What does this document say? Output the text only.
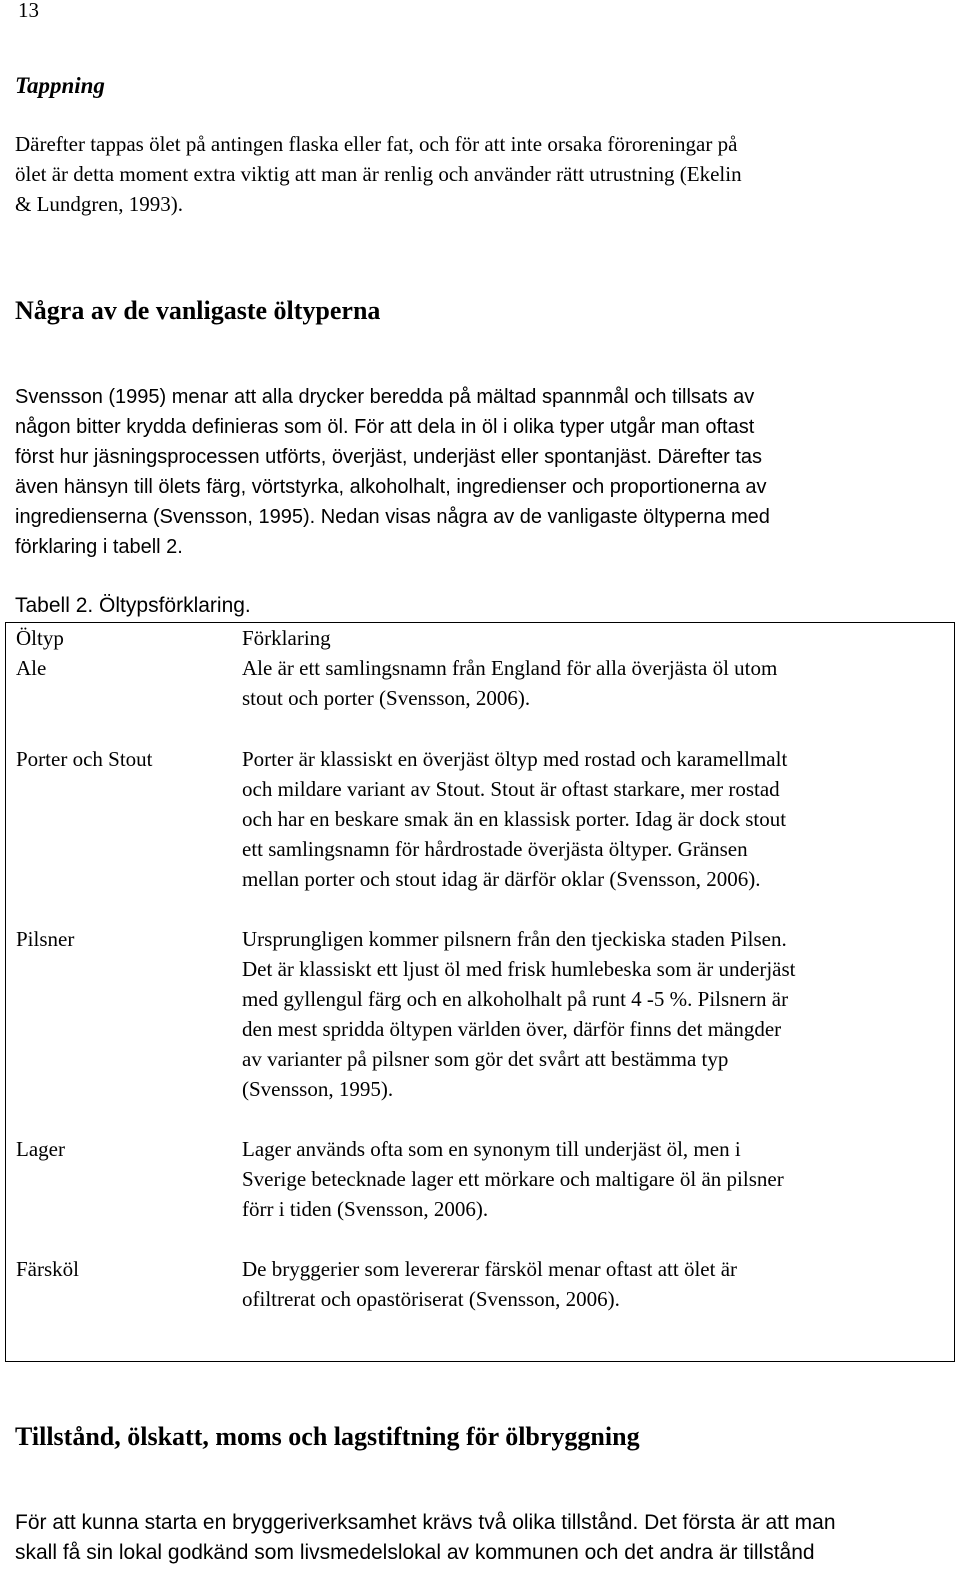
13
Tappning
Därefter tappas ölet på antingen flaska eller fat, och för att inte orsaka föroreningar på
ölet är detta moment extra viktig att man är renlig och använder rätt utrustning (Ekelin
& Lundgren, 1993).
Några av de vanligaste öltyperna
Svensson (1995) menar att alla drycker beredda på mältad spannmål och tillsats av
någon bitter krydda definieras som öl. För att dela in öl i olika typer utgår man oftast
först hur jäsningsprocessen utförts, överjäst, underjäst eller spontanjäst. Därefter tas
även hänsyn till ölets färg, vörtstyrka, alkoholhalt, ingredienser och proportionerna av
ingredienserna (Svensson, 1995). Nedan visas några av de vanligaste öltyperna med
förklaring i tabell 2.
Tabell 2. Öltypsförklaring.
Öltyp	Förklaring
Ale	Ale är ett samlingsnamn från England för alla överjästa öl utom
stout och porter (Svensson, 2006).
Porter och Stout	Porter är klassiskt en överjäst öltyp med rostad och karamellmalt
och mildare variant av Stout. Stout är oftast starkare, mer rostad
och har en beskare smak än en klassisk porter. Idag är dock stout
ett samlingsnamn för hårdrostade överjästa öltyper. Gränsen
mellan porter och stout idag är därför oklar (Svensson, 2006).
Pilsner	Ursprungligen kommer pilsnern från den tjeckiska staden Pilsen.
Det är klassiskt ett ljust öl med frisk humlebeska som är underjäst
med gyllengul färg och en alkoholhalt på runt 4 -5 %. Pilsnern är
den mest spridda öltypen världen över, därför finns det mängder
av varianter på pilsner som gör det svårt att bestämma typ
(Svensson, 1995).
Lager	Lager används ofta som en synonym till underjäst öl, men i
Sverige betecknade lager ett mörkare och maltigare öl än pilsner
förr i tiden (Svensson, 2006).
Färsköl	De bryggerier som levererar färsköl menar oftast att ölet är
ofiltrerat och opastöriserat (Svensson, 2006).
Tillstånd, ölskatt, moms och lagstiftning för ölbryggning
För att kunna starta en bryggeriverksamhet krävs två olika tillstånd. Det första är att man
skall få sin lokal godkänd som livsmedelslokal av kommunen och det andra är tillstånd
